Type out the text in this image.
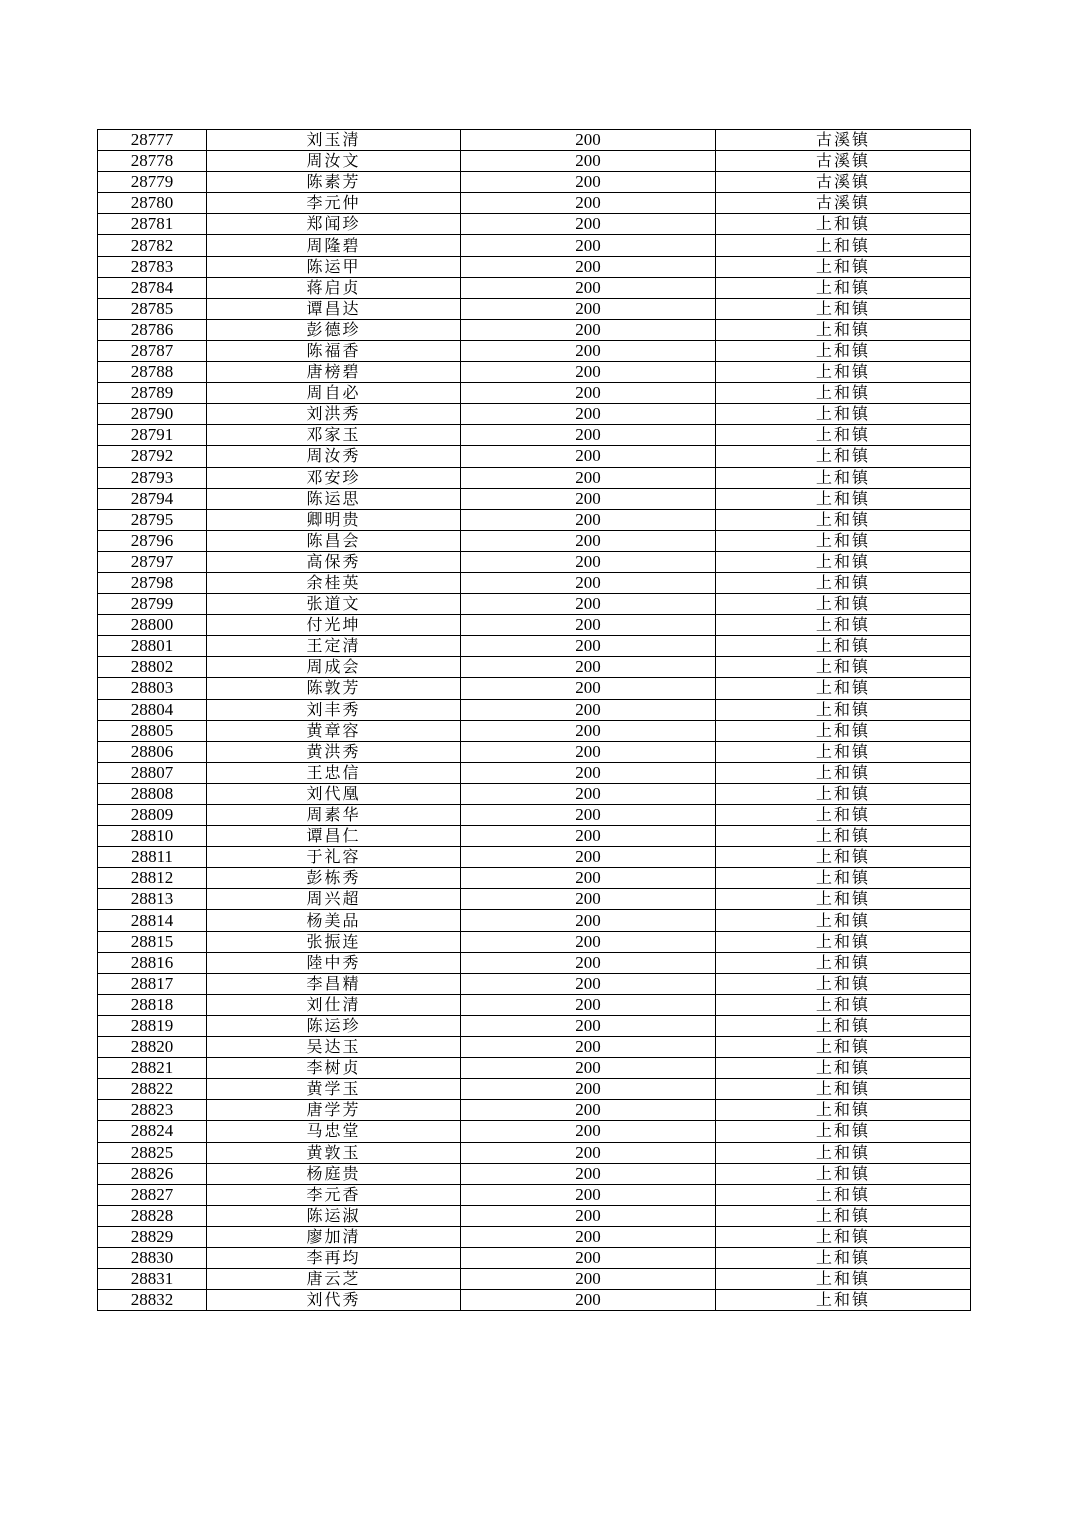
28777	刘玉清	200	古溪镇
28778	周汝文	200	古溪镇
28779	陈素芳	200	古溪镇
28780	李元仲	200	古溪镇
28781	郑闻珍	200	上和镇
28782	周隆碧	200	上和镇
28783	陈运甲	200	上和镇
28784	蒋启贞	200	上和镇
28785	谭昌达	200	上和镇
28786	彭德珍	200	上和镇
28787	陈福香	200	上和镇
28788	唐榜碧	200	上和镇
28789	周自必	200	上和镇
28790	刘洪秀	200	上和镇
28791	邓家玉	200	上和镇
28792	周汝秀	200	上和镇
28793	邓安珍	200	上和镇
28794	陈运思	200	上和镇
28795	卿明贵	200	上和镇
28796	陈昌会	200	上和镇
28797	高保秀	200	上和镇
28798	余桂英	200	上和镇
28799	张道文	200	上和镇
28800	付光坤	200	上和镇
28801	王定清	200	上和镇
28802	周成会	200	上和镇
28803	陈敦芳	200	上和镇
28804	刘丰秀	200	上和镇
28805	黄章容	200	上和镇
28806	黄洪秀	200	上和镇
28807	王忠信	200	上和镇
28808	刘代凰	200	上和镇
28809	周素华	200	上和镇
28810	谭昌仁	200	上和镇
28811	于礼容	200	上和镇
28812	彭栋秀	200	上和镇
28813	周兴超	200	上和镇
28814	杨美品	200	上和镇
28815	张振连	200	上和镇
28816	陸中秀	200	上和镇
28817	李昌精	200	上和镇
28818	刘仕清	200	上和镇
28819	陈运珍	200	上和镇
28820	吴达玉	200	上和镇
28821	李树贞	200	上和镇
28822	黄学玉	200	上和镇
28823	唐学芳	200	上和镇
28824	马忠堂	200	上和镇
28825	黄敦玉	200	上和镇
28826	杨庭贵	200	上和镇
28827	李元香	200	上和镇
28828	陈运淑	200	上和镇
28829	廖加清	200	上和镇
28830	李再均	200	上和镇
28831	唐云芝	200	上和镇
28832	刘代秀	200	上和镇
